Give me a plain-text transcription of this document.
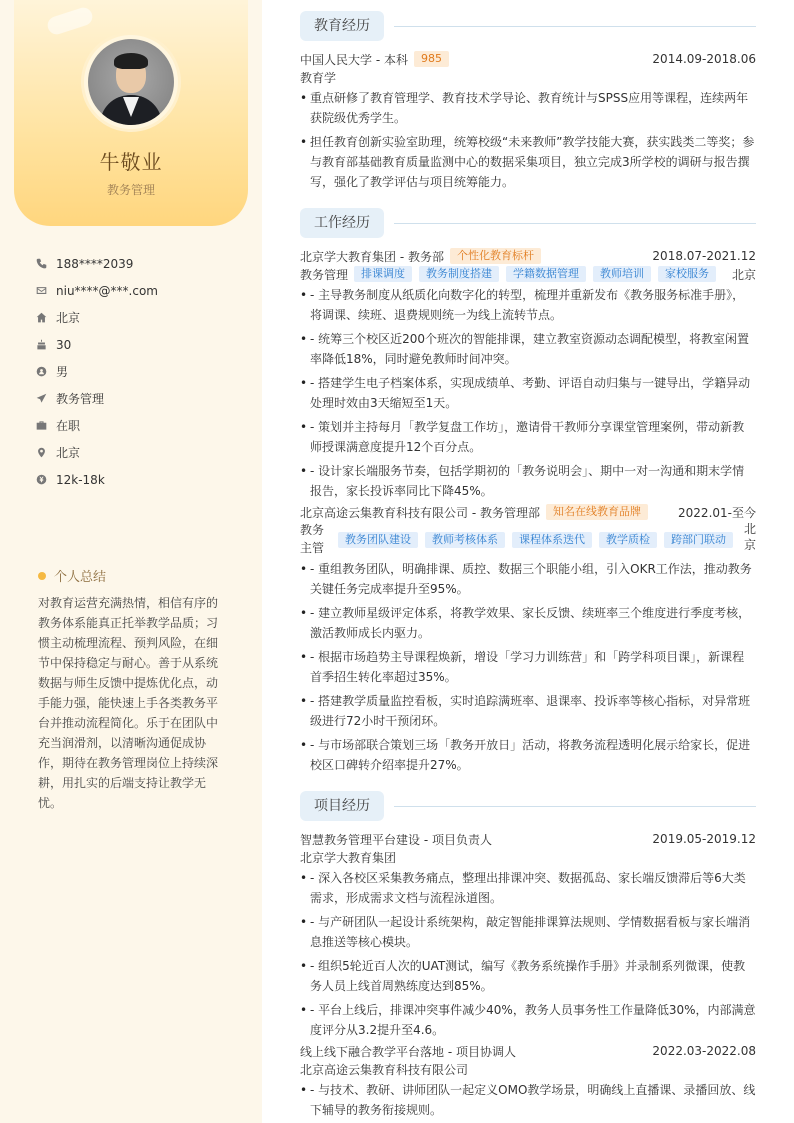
牛敬业
教务管理
188****2039
niu****@***.com
北京
30
男
教务管理
在职
北京
12k-18k
个人总结
对教育运营充满热情，相信有序的教务体系能真正托举教学品质；习惯主动梳理流程、预判风险，在细节中保持稳定与耐心。善于从系统数据与师生反馈中提炼优化点，动手能力强，能快速上手各类教务平台并推动流程简化。乐于在团队中充当润滑剂，以清晰沟通促成协作，期待在教务管理岗位上持续深耕，用扎实的后端支持让教学无忧。
教育经历
中国人民大学 - 本科	985	2014.09-2018.06
教育学
• 重点研修了教育管理学、教育技术学导论、教育统计与SPSS应用等课程，连续两年获院级优秀学生。
• 担任教育创新实验室助理，统筹校级“未来教师”教学技能大赛，获实践类二等奖；参与教育部基础教育质量监测中心的数据采集项目，独立完成3所学校的调研与报告撰写，强化了教学评估与项目统筹能力。
工作经历
北京学大教育集团 - 教务部	个性化教育标杆	2018.07-2021.12
教务管理	排课调度	教务制度搭建	学籍数据管理	教师培训	家校服务	北京
• - 主导教务制度从纸质化向数字化的转型，梳理并重新发布《教务服务标准手册》，将调课、续班、退费规则统一为线上流转节点。
• - 统筹三个校区近200个班次的智能排课，建立教室资源动态调配模型，将教室闲置率降低18%，同时避免教师时间冲突。
• - 搭建学生电子档案体系，实现成绩单、考勤、评语自动归集与一键导出，学籍异动处理时效由3天缩短至1天。
• - 策划并主持每月「教学复盘工作坊」，邀请骨干教师分享课堂管理案例，带动新教师授课满意度提升12个百分点。
• - 设计家长端服务节奏，包括学期初的「教务说明会」、期中一对一沟通和期末学情报告，家长投诉率同比下降45%。
北京高途云集教育科技有限公司 - 教务管理部	知名在线教育品牌	2022.01-至今
教务
主管
教务团队建设	教师考核体系	课程体系迭代	教学质检	跨部门联动
北
京
• - 重组教务团队，明确排课、质控、数据三个职能小组，引入OKR工作法，推动教务关键任务完成率提升至95%。
• - 建立教师星级评定体系，将教学效果、家长反馈、续班率三个维度进行季度考核，激活教师成长内驱力。
• - 根据市场趋势主导课程焕新，增设「学习力训练营」和「跨学科项目课」，新课程首季招生转化率超过35%。
• - 搭建教学质量监控看板，实时追踪满班率、退课率、投诉率等核心指标，对异常班级进行72小时干预闭环。
• - 与市场部联合策划三场「教务开放日」活动，将教务流程透明化展示给家长，促进校区口碑转介绍率提升27%。
项目经历
智慧教务管理平台建设 - 项目负责人	2019.05-2019.12
北京学大教育集团
• - 深入各校区采集教务痛点，整理出排课冲突、数据孤岛、家长端反馈滞后等6大类需求，形成需求文档与流程泳道图。
• - 与产研团队一起设计系统架构，敲定智能排课算法规则、学情数据看板与家长端消息推送等核心模块。
• - 组织5轮近百人次的UAT测试，编写《教务系统操作手册》并录制系列微课，使教务人员上线首周熟练度达到85%。
• - 平台上线后，排课冲突事件减少40%，教务人员事务性工作量降低30%，内部满意度评分从3.2提升至4.6。
线上线下融合教学平台落地 - 项目协调人	2022.03-2022.08
北京高途云集教育科技有限公司
• - 与技术、教研、讲师团队一起定义OMO教学场景，明确线上直播课、录播回放、线下辅导的教务衔接规则。
